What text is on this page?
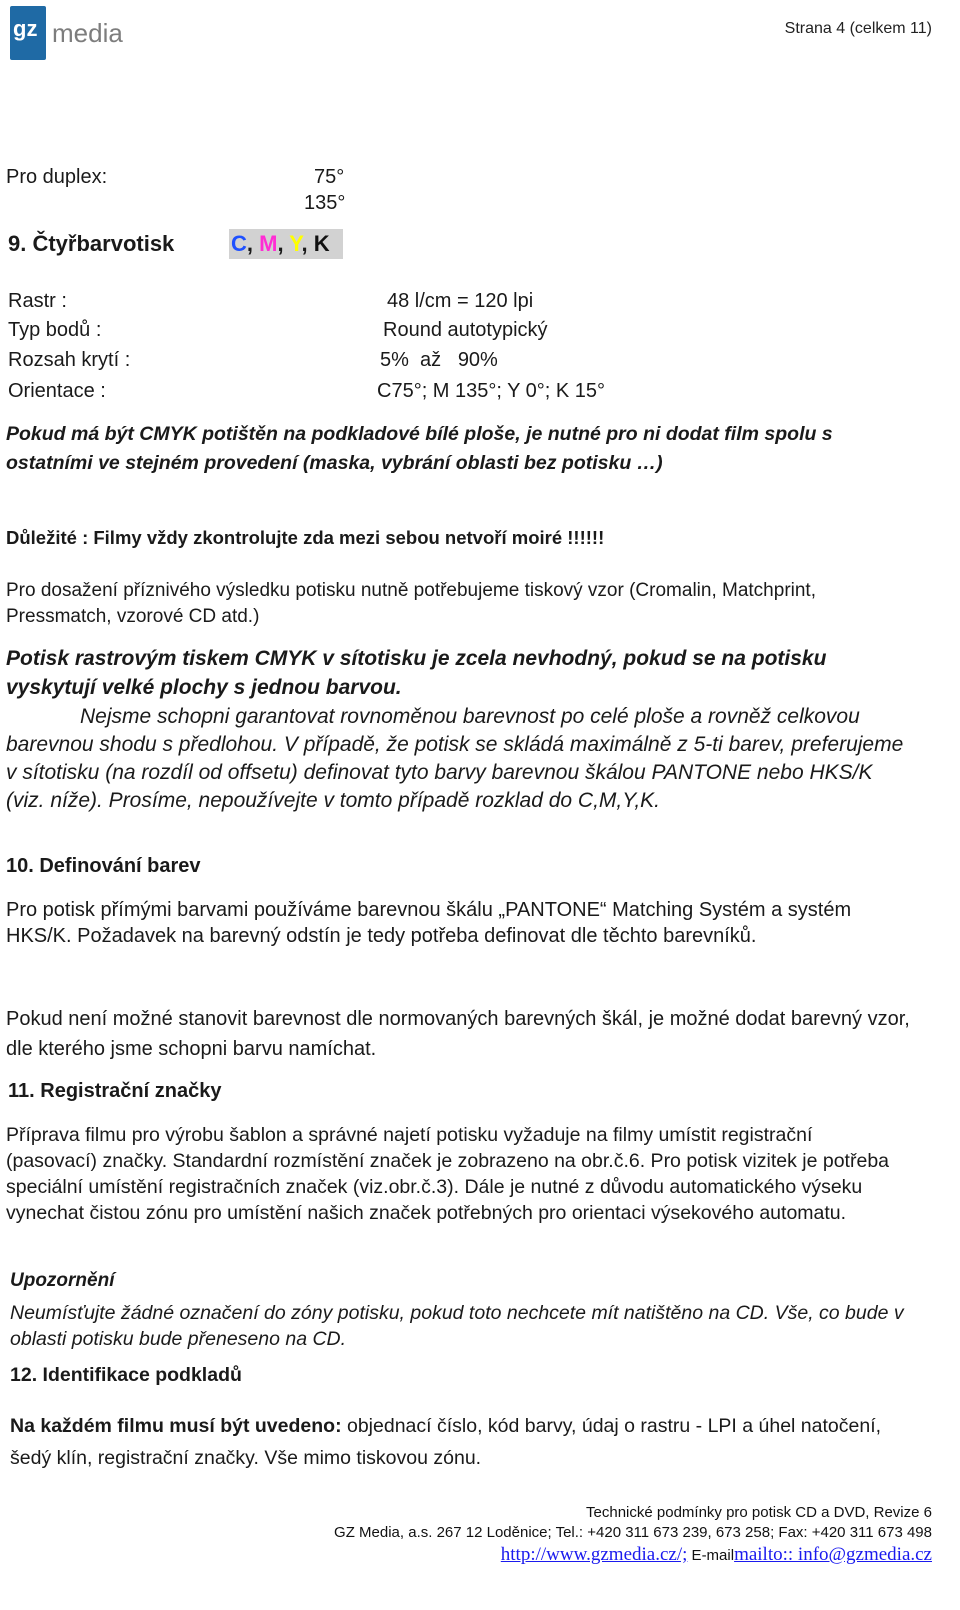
gz media	Strana 4 (celkem 11)
Pro duplex:	75°
135°
9. Čtyřbarvotisk	C, M, Y, K
Rastr :	48 l/cm = 120 lpi
Typ bodů :	Round autotypický
Rozsah krytí :	5%  až   90%
Orientace :	C75°; M 135°; Y 0°; K 15°
Pokud má být CMYK potištěn na podkladové bílé ploše, je nutné pro ni dodat film spolu s ostatními ve stejném provedení (maska, vybrání oblasti bez potisku …)
Důležité : Filmy vždy zkontrolujte zda mezi sebou netvoří moiré !!!!!!
Pro dosažení příznivého výsledku potisku nutně potřebujeme tiskový vzor (Cromalin, Matchprint, Pressmatch, vzorové CD atd.)
Potisk rastrovým tiskem CMYK v sítotisku je zcela nevhodný, pokud se na potisku vyskytují velké plochy s jednou barvou.
Nejsme schopni garantovat rovnoměnou barevnost po celé ploše a rovněž celkovou barevnou shodu s předlohou. V případě, že potisk se skládá maximálně z 5-ti barev, preferujeme v sítotisku (na rozdíl od offsetu) definovat tyto barvy barevnou škálou PANTONE nebo HKS/K (viz. níže). Prosíme, nepoužívejte v tomto případě rozklad do C,M,Y,K.
10. Definování barev
Pro potisk přímými barvami používáme barevnou škálu „PANTONE“ Matching Systém a systém HKS/K. Požadavek na barevný odstín je tedy potřeba definovat dle těchto barevníků.
Pokud není možné stanovit barevnost dle normovaných barevných škál, je možné dodat barevný vzor, dle kterého jsme schopni barvu namíchat.
11. Registrační značky
Příprava filmu pro výrobu šablon a správné najetí potisku vyžaduje na filmy umístit registrační (pasovací) značky. Standardní rozmístění značek je zobrazeno na obr.č.6. Pro potisk vizitek je potřeba speciální umístění registračních značek (viz.obr.č.3). Dále je nutné z důvodu automatického výseku vynechat čistou zónu pro umístění našich značek potřebných pro orientaci výsekového automatu.
Upozornění
Neumísťujte žádné označení do zóny potisku, pokud toto nechcete mít natištěno na CD. Vše, co bude v oblasti potisku bude přeneseno na CD.
12. Identifikace podkladů
Na každém filmu musí být uvedeno: objednací číslo, kód barvy, údaj o rastru - LPI a úhel natočení, šedý klín, registrační značky. Vše mimo tiskovou zónu.
Technické podmínky pro potisk CD a DVD, Revize 6
GZ Media, a.s. 267 12 Loděnice; Tel.: +420 311 673 239, 673 258; Fax: +420 311 673 498
http://www.gzmedia.cz/; E-mailmailto:: info@gzmedia.cz
